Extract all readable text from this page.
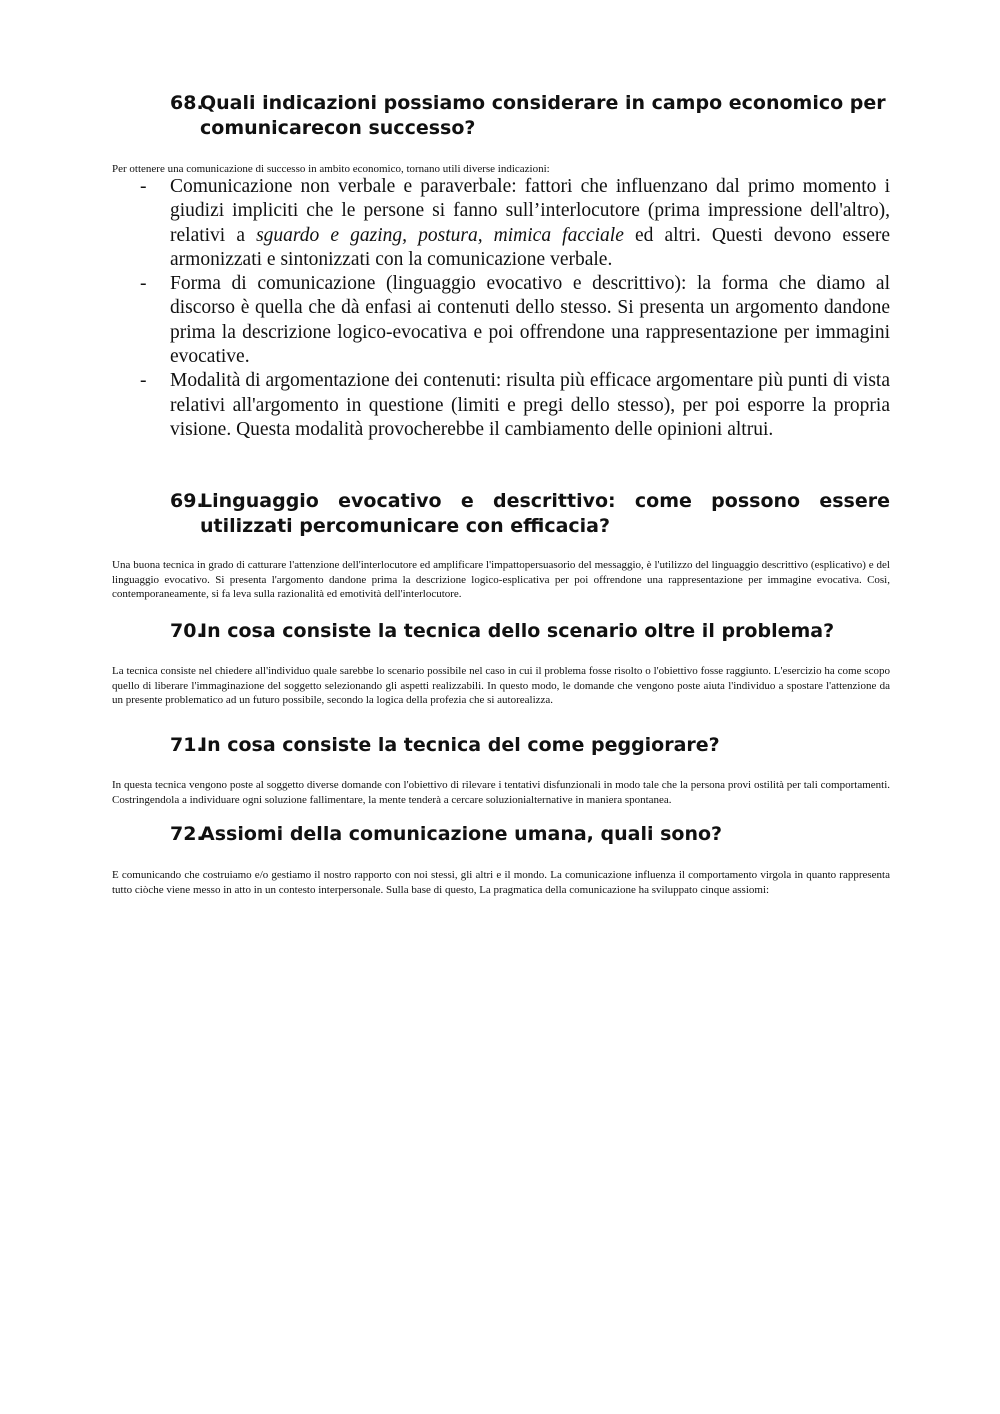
68.
Quali indicazioni possiamo considerare in campo economico per comunicarecon successo?
Per ottenere una comunicazione di successo in ambito economico, tornano utili diverse indicazioni:
- Comunicazione non verbale e paraverbale: fattori che influenzano dal primo momento i giudizi impliciti che le persone si fanno sull’interlocutore (prima impressione dell'altro), relativi a sguardo e gazing, postura, mimica facciale ed altri. Questi devono essere armonizzati e sintonizzati con la comunicazione verbale.
- Forma di comunicazione (linguaggio evocativo e descrittivo): la forma che diamo al discorso è quella che dà enfasi ai contenuti dello stesso. Si presenta un argomento dandone prima la descrizione logico-evocativa e poi offrendone una rappresentazione per immagini evocative.
- Modalità di argomentazione dei contenuti: risulta più efficace argomentare più punti di vista relativi all'argomento in questione (limiti e pregi dello stesso), per poi esporre la propria visione. Questa modalità provocherebbe il cambiamento delle opinioni altrui.
69.
Linguaggio evocativo e descrittivo: come possono essere utilizzati percomunicare con efficacia?
Una buona tecnica in grado di catturare l'attenzione dell'interlocutore ed amplificare l'impattopersuasorio del messaggio, è l'utilizzo del linguaggio descrittivo (esplicativo) e del linguaggio evocativo. Si presenta l'argomento dandone prima la descrizione logico-esplicativa per poi offrendone una rappresentazione per immagine evocativa. Così, contemporaneamente, si fa leva sulla razionalità ed emotività dell'interlocutore.
70.
In cosa consiste la tecnica dello scenario oltre il problema?
La tecnica consiste nel chiedere all'individuo quale sarebbe lo scenario possibile nel caso in cui il problema fosse risolto o l'obiettivo fosse raggiunto. L'esercizio ha come scopo quello di liberare l'immaginazione del soggetto selezionando gli aspetti realizzabili. In questo modo, le domande che vengono poste aiuta l'individuo a spostare l'attenzione da un presente problematico ad un futuro possibile, secondo la logica della profezia che si autorealizza.
71.
In cosa consiste la tecnica del come peggiorare?
In questa tecnica vengono poste al soggetto diverse domande con l'obiettivo di rilevare i tentativi disfunzionali in modo tale che la persona provi ostilità per tali comportamenti. Costringendola a individuare ogni soluzione fallimentare, la mente tenderà a cercare soluzionialternative in maniera spontanea.
72.
Assiomi della comunicazione umana, quali sono?
E comunicando che costruiamo e/o gestiamo il nostro rapporto con noi stessi, gli altri e il mondo. La comunicazione influenza il comportamento virgola in quanto rappresenta tutto ciòche viene messo in atto in un contesto interpersonale. Sulla base di questo, La pragmatica della comunicazione ha sviluppato cinque assiomi:
